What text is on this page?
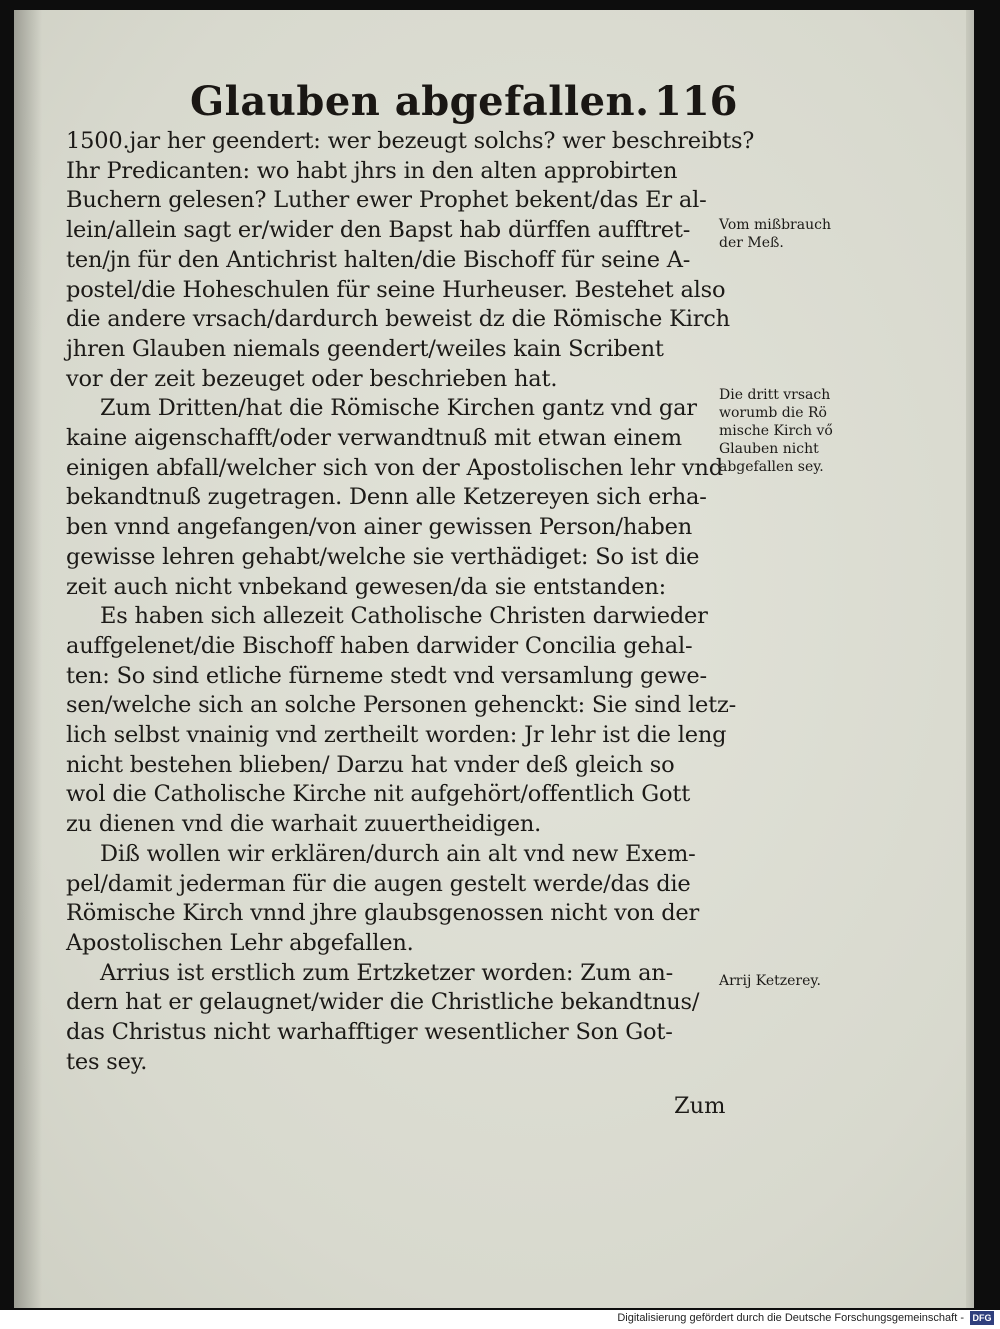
Glauben abgefallen. 116
1500.jar her geendert: wer bezeugt solchs? wer beschreibts?
Ihr Predicanten: wo habt jhrs in den alten approbirten
Buchern gelesen? Luther ewer Prophet bekent/das Er al-
lein/allein sagt er/wider den Bapst hab dürffen aufftret-
ten/jn für den Antichrist halten/die Bischoff für seine A-
postel/die Hoheschulen für seine Hurheuser. Bestehet also
die andere vrsach/dardurch beweist dz die Römische Kirch
jhren Glauben niemals geendert/weiles kain Scribent
vor der zeit bezeuget oder beschrieben hat.
Zum Dritten/hat die Römische Kirchen gantz vnd gar
kaine aigenschafft/oder verwandtnuß mit etwan einem
einigen abfall/welcher sich von der Apostolischen lehr vnd
bekandtnuß zugetragen. Denn alle Ketzereyen sich erha-
ben vnnd angefangen/von ainer gewissen Person/haben
gewisse lehren gehabt/welche sie verthädiget: So ist die
zeit auch nicht vnbekand gewesen/da sie entstanden:
Es haben sich allezeit Catholische Christen darwieder
auffgelenet/die Bischoff haben darwider Concilia gehal-
ten: So sind etliche fürneme stedt vnd versamlung gewe-
sen/welche sich an solche Personen gehenckt: Sie sind letz-
lich selbst vnainig vnd zertheilt worden: Jr lehr ist die leng
nicht bestehen blieben/ Darzu hat vnder deß gleich so
wol die Catholische Kirche nit aufgehört/offentlich Gott
zu dienen vnd die warhait zuuertheidigen.
Diß wollen wir erklären/durch ain alt vnd new Exem-
pel/damit jederman für die augen gestelt werde/das die
Römische Kirch vnnd jhre glaubsgenossen nicht von der
Apostolischen Lehr abgefallen.
Arrius ist erstlich zum Ertzketzer worden: Zum an-
dern hat er gelaugnet/wider die Christliche bekandtnus/
das Christus nicht warhafftiger wesentlicher Son Got-
tes sey.
Zum
Vom mißbrauch
der Meß.
Die dritt vrsach
worumb die Rö
mische Kirch vő
Glauben nicht
abgefallen sey.
Arrij Ketzerey.
Digitalisierung gefördert durch die Deutsche Forschungsgemeinschaft - DFG
